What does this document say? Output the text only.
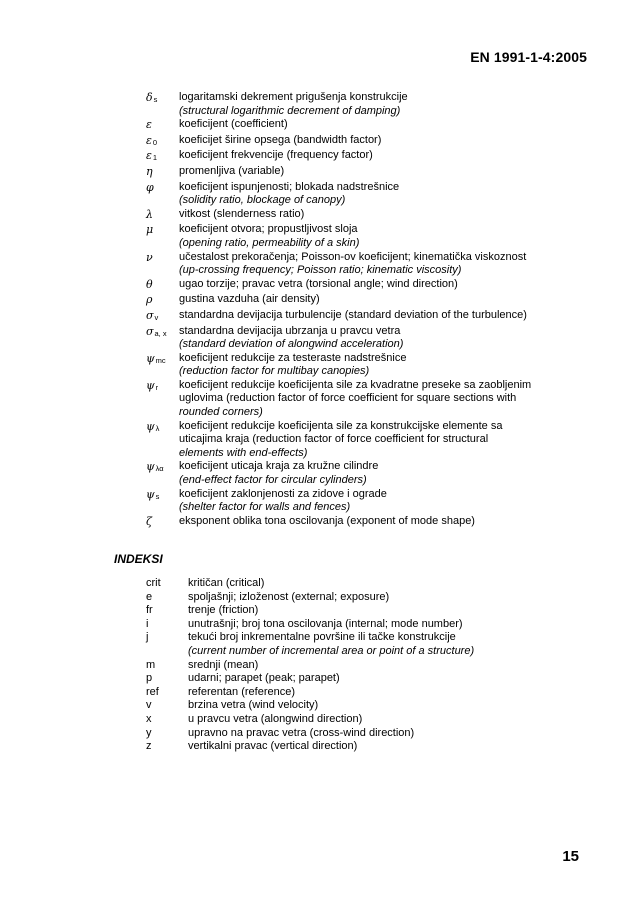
EN 1991-1-4:2005
δs	logaritamski dekrement prigušenja konstrukcije
(structural logarithmic decrement of damping)
ε	koeficijent (coefficient)
ε0	koeficijet širine opsega (bandwidth factor)
ε1	koeficijent frekvencije (frequency factor)
η	promenljiva (variable)
φ	koeficijent ispunjenosti; blokada nadstrešnice
(solidity ratio, blockage of canopy)
λ	vitkost (slenderness ratio)
μ	koeficijent otvora; propustljivost sloja
(opening ratio, permeability of a skin)
ν	učestalost prekoračenja; Poisson-ov koeficijent; kinematička viskoznost
(up-crossing frequency; Poisson ratio; kinematic viscosity)
θ	ugao torzije; pravac vetra (torsional angle; wind direction)
ρ	gustina vazduha (air density)
σv	standardna devijacija turbulencije (standard deviation of the turbulence)
σa, x	standardna devijacija ubrzanja u pravcu vetra
(standard deviation of alongwind acceleration)
ψmc	koeficijent redukcije za testeraste nadstrešnice
(reduction factor for multibay canopies)
ψr	koeficijent redukcije koeficijenta sile za kvadratne preseke sa zaobljenim
uglovima (reduction factor of force coefficient for square sections with
rounded corners)
ψλ	koeficijent redukcije koeficijenta sile za konstrukcijske elemente sa
uticajima kraja (reduction factor of force coefficient for structural
elements with end-effects)
ψλα	koeficijent uticaja kraja za kružne cilindre
(end-effect factor for circular cylinders)
ψs	koeficijent zaklonjenosti za zidove i ograde
(shelter factor for walls and fences)
ζ	eksponent oblika tona oscilovanja (exponent of mode shape)
INDEKSI
crit	kritičan (critical)
e	spoljašnji; izloženost (external; exposure)
fr	trenje (friction)
i	unutrašnji; broj tona oscilovanja (internal; mode number)
j	tekući broj inkrementalne površine ili tačke konstrukcije
(current number of incremental area or point of a structure)
m	srednji (mean)
p	udarni; parapet (peak; parapet)
ref	referentan (reference)
v	brzina vetra (wind velocity)
x	u pravcu vetra (alongwind direction)
y	upravno na pravac vetra (cross-wind direction)
z	vertikalni pravac (vertical direction)
15
